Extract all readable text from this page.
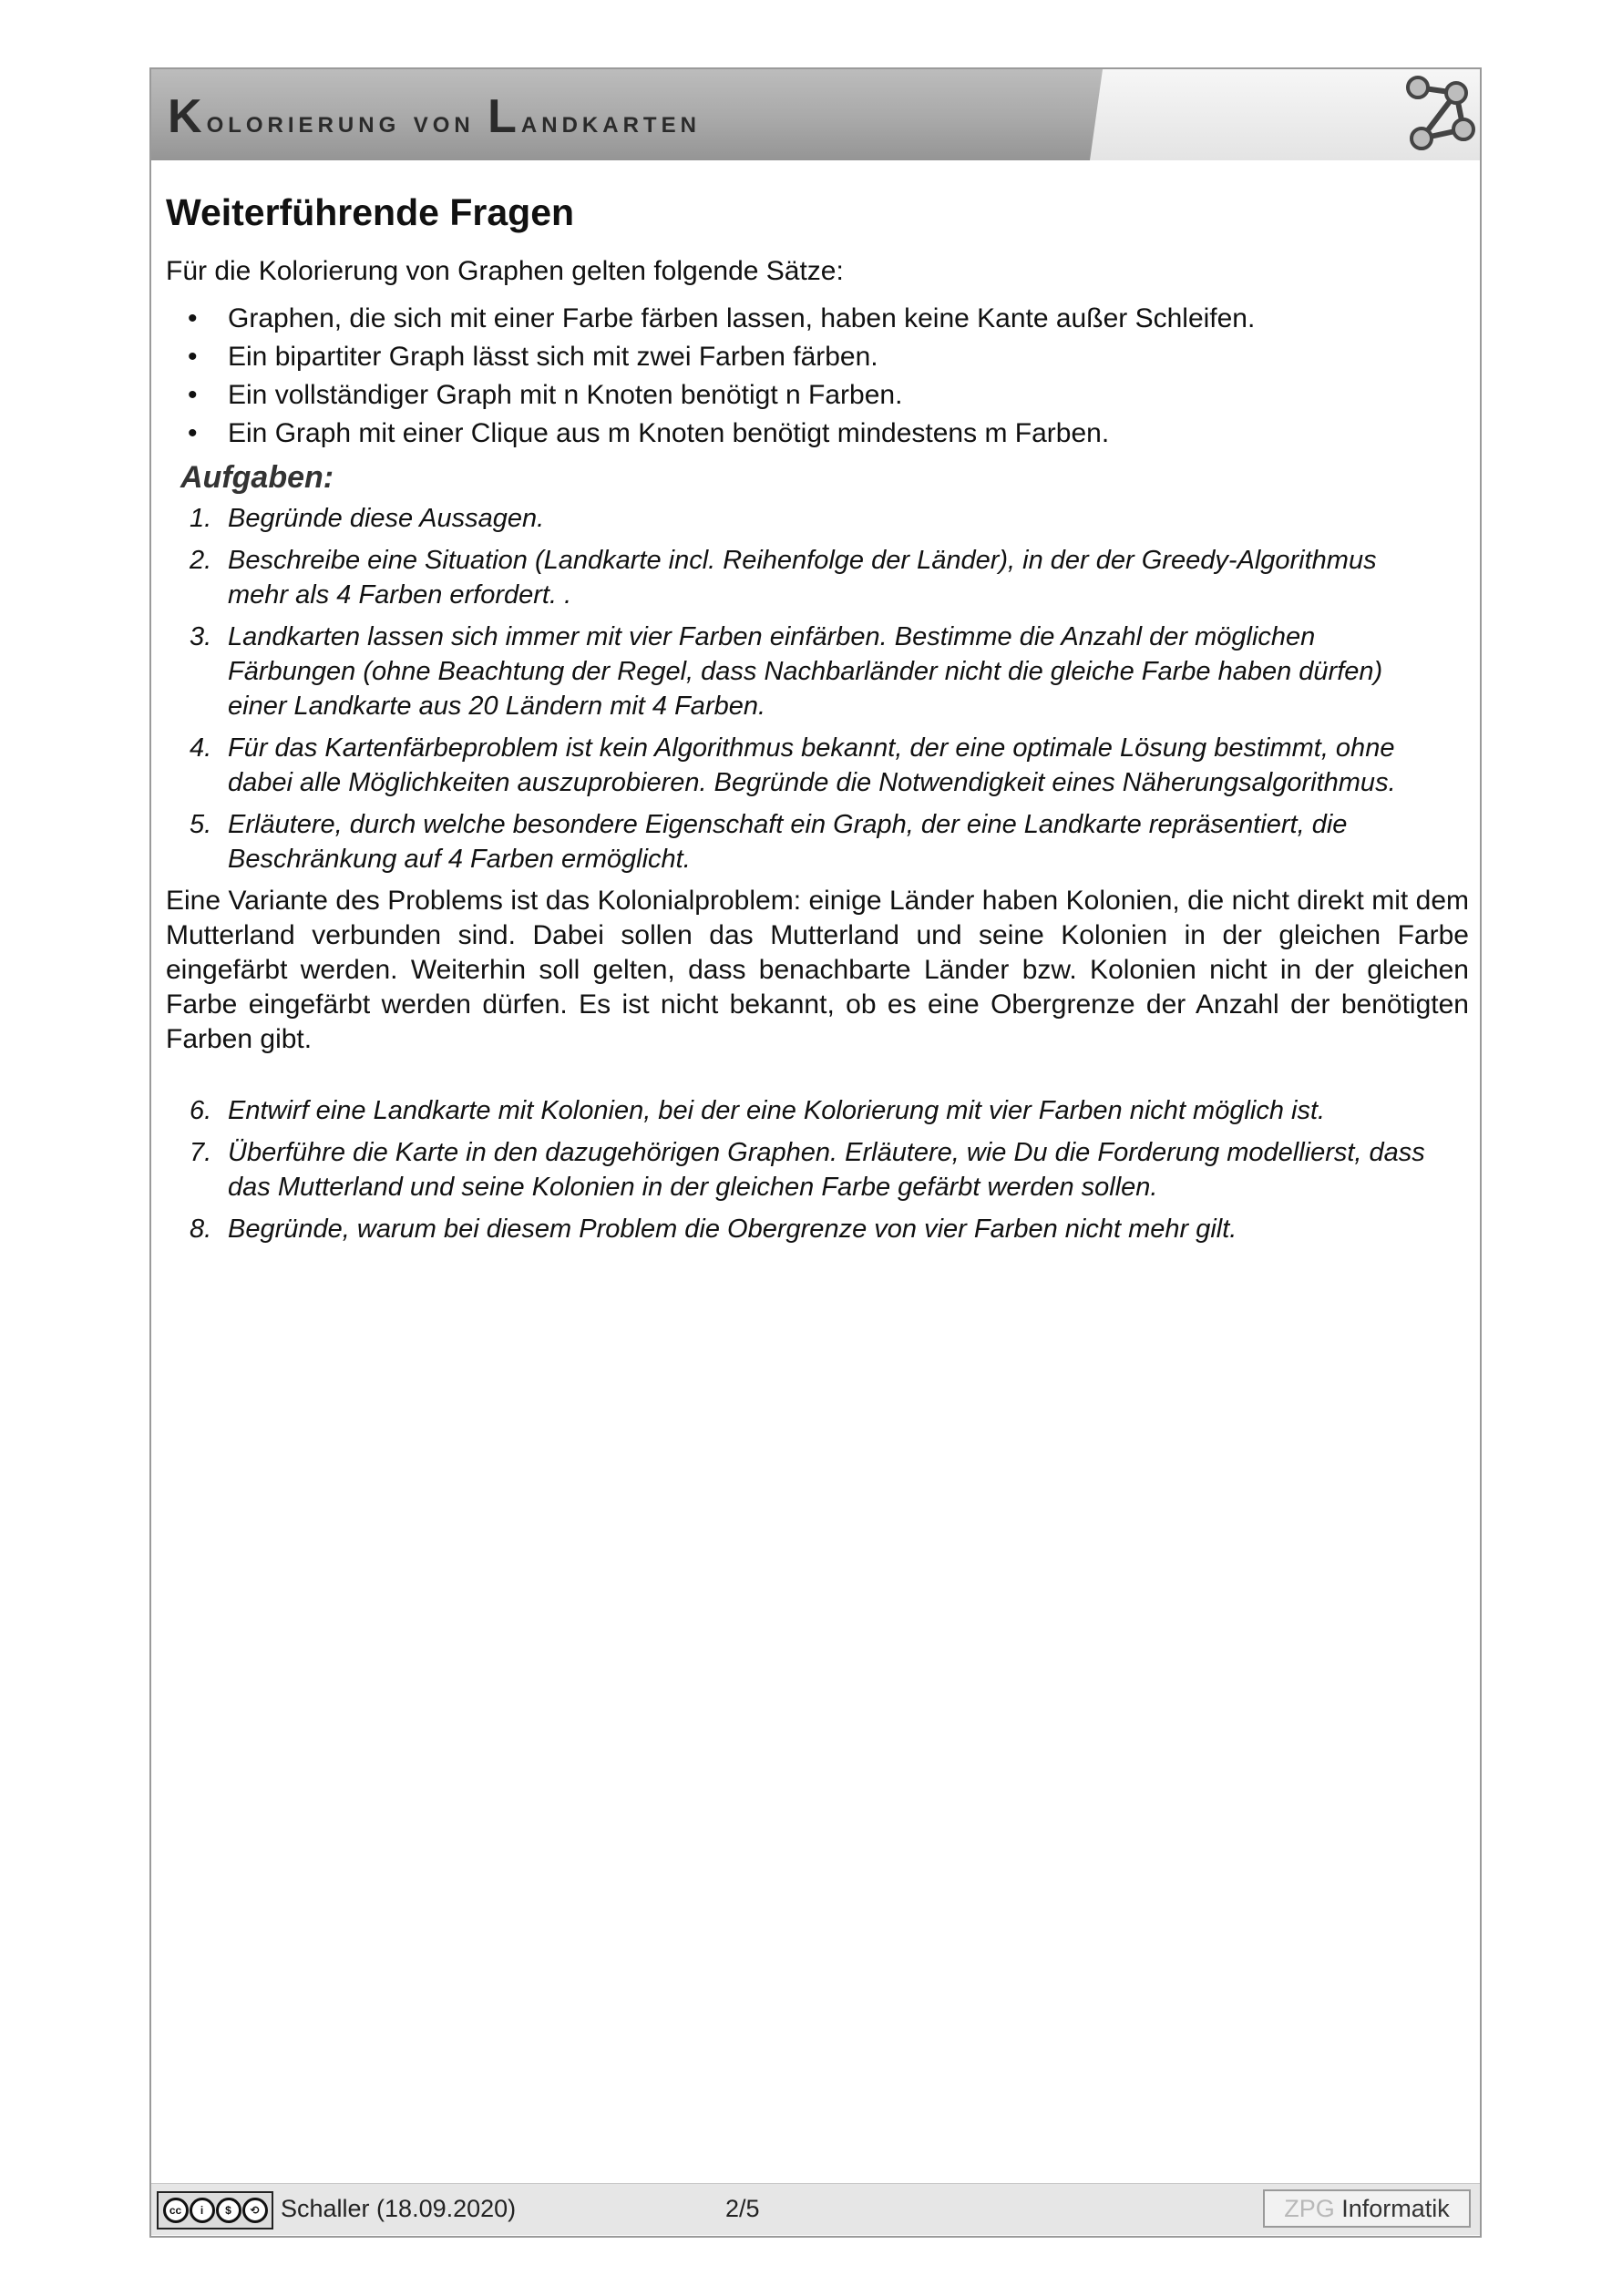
Kolorierung von Landkarten
Weiterführende Fragen

Für die Kolorierung von Graphen gelten folgende Sätze:

• Graphen, die sich mit einer Farbe färben lassen, haben keine Kante außer Schleifen.
• Ein bipartiter Graph lässt sich mit zwei Farben färben.
• Ein vollständiger Graph mit n Knoten benötigt n Farben.
• Ein Graph mit einer Clique aus m Knoten benötigt mindestens m Farben.
Aufgaben:
1. Begründe diese Aussagen.
2. Beschreibe eine Situation (Landkarte incl. Reihenfolge der Länder), in der der Greedy-Algorithmus mehr als 4 Farben erfordert. .
3. Landkarten lassen sich immer mit vier Farben einfärben. Bestimme die Anzahl der möglichen Färbungen (ohne Beachtung der Regel, dass Nachbarländer nicht die gleiche Farbe haben dürfen) einer Landkarte aus 20 Ländern mit 4 Farben.
4. Für das Kartenfärbeproblem ist kein Algorithmus bekannt, der eine optimale Lösung bestimmt, ohne dabei alle Möglichkeiten auszuprobieren. Begründe die Notwendigkeit eines Näherungsalgorithmus.
5. Erläutere, durch welche besondere Eigenschaft ein Graph, der eine Landkarte repräsentiert, die Beschränkung auf 4 Farben ermöglicht.

Eine Variante des Problems ist das Kolonialproblem: einige Länder haben Kolonien, die nicht direkt mit dem Mutterland verbunden sind. Dabei sollen das Mutterland und seine Kolonien in der gleichen Farbe eingefärbt werden. Weiterhin soll gelten, dass benachbarte Länder bzw. Kolonien nicht in der gleichen Farbe eingefärbt werden dürfen. Es ist nicht bekannt, ob es eine Obergrenze der Anzahl der benötigten Farben gibt.

6. Entwirf eine Landkarte mit Kolonien, bei der eine Kolorierung mit vier Farben nicht möglich ist.
7. Überführe die Karte in den dazugehörigen Graphen. Erläutere, wie Du die Forderung modellierst, dass das Mutterland und seine Kolonien in der gleichen Farbe gefärbt werden sollen.
8. Begründe, warum bei diesem Problem die Obergrenze von vier Farben nicht mehr gilt.
cc	i	$	⟲ Schaller (18.09.2020)	2/5	ZPG Informatik
